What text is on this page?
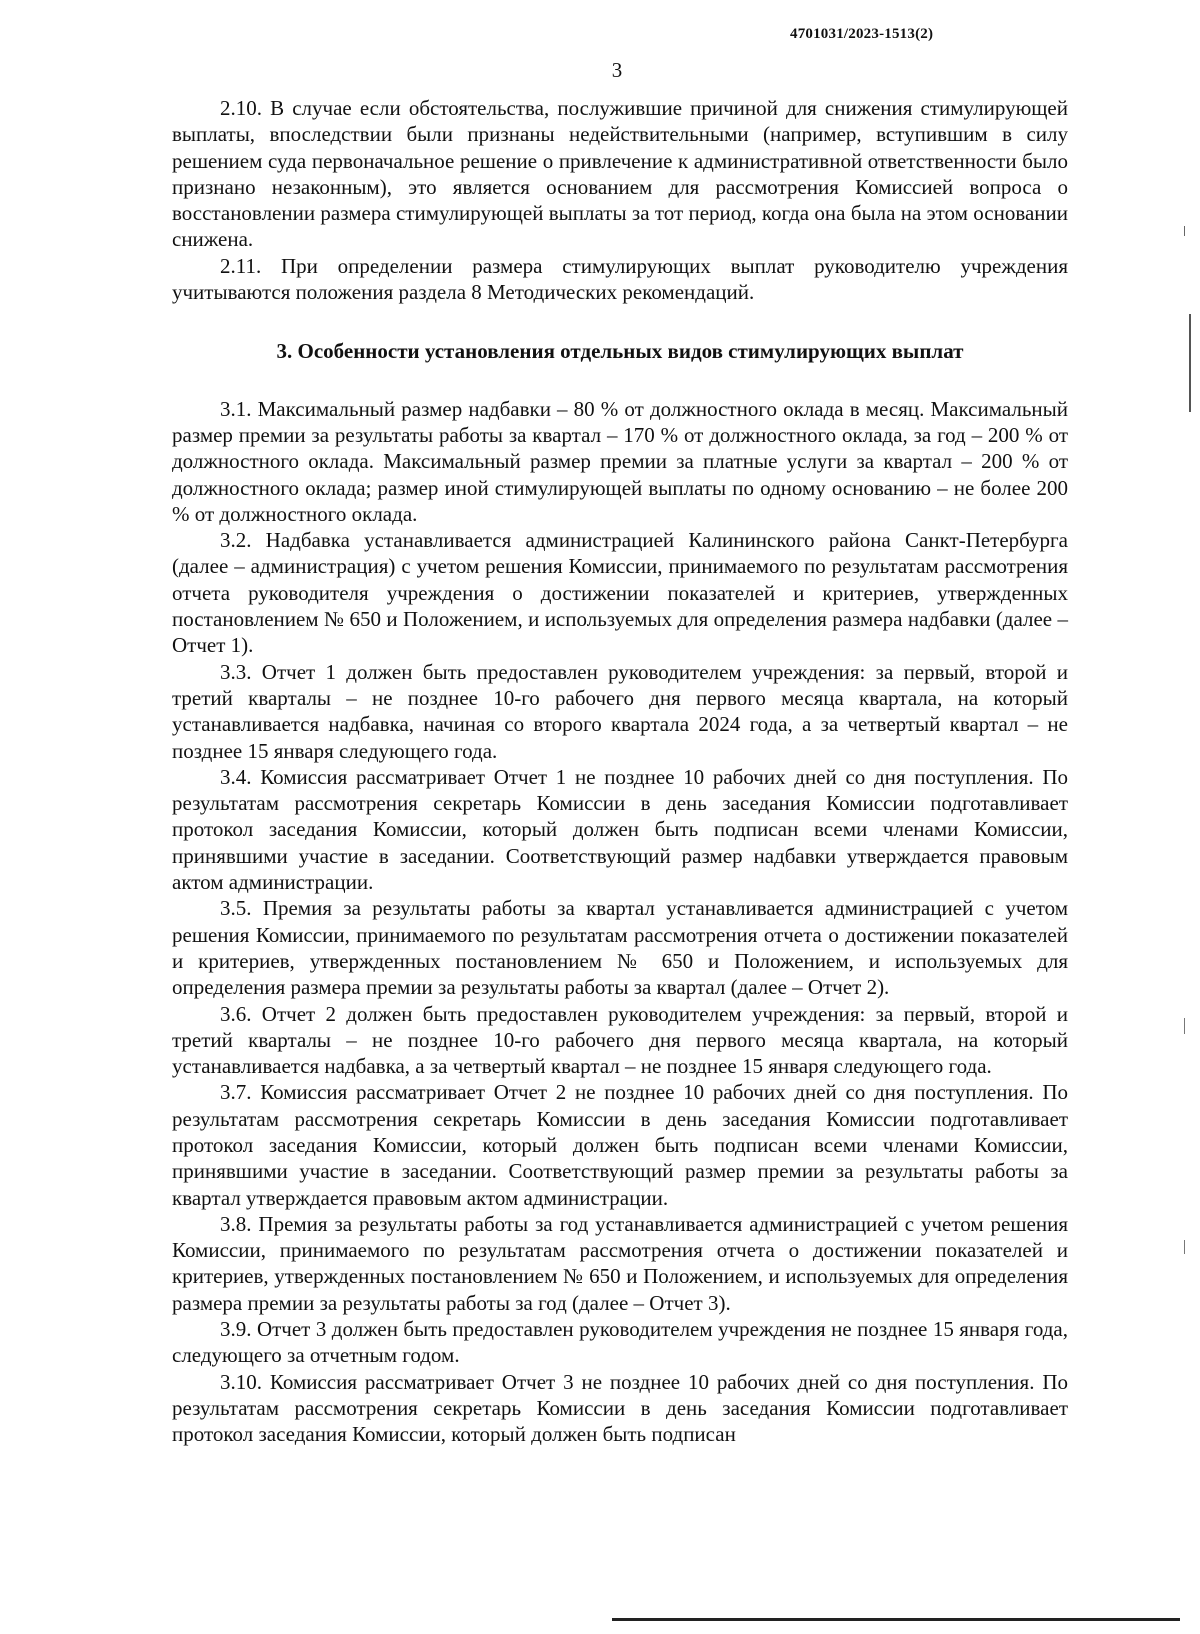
4701031/2023-1513(2)
3

2.10. В случае если обстоятельства, послужившие причиной для снижения стимулирующей выплаты, впоследствии были признаны недействительными (например, вступившим в силу решением суда первоначальное решение о привлечение к административной ответственности было признано незаконным), это является основанием для рассмотрения Комиссией вопроса о восстановлении размера стимулирующей выплаты за тот период, когда она была на этом основании снижена.

2.11. При определении размера стимулирующих выплат руководителю учреждения учитываются положения раздела 8 Методических рекомендаций.

3. Особенности установления отдельных видов стимулирующих выплат

3.1. Максимальный размер надбавки – 80 % от должностного оклада в месяц. Максимальный размер премии за результаты работы за квартал – 170 % от должностного оклада, за год – 200 % от должностного оклада. Максимальный размер премии за платные услуги за квартал – 200 % от должностного оклада; размер иной стимулирующей выплаты по одному основанию – не более 200 % от должностного оклада.

3.2. Надбавка устанавливается администрацией Калининского района Санкт-Петербурга (далее – администрация) с учетом решения Комиссии, принимаемого по результатам рассмотрения отчета руководителя учреждения о достижении показателей и критериев, утвержденных постановлением № 650 и Положением, и используемых для определения размера надбавки (далее – Отчет 1).

3.3. Отчет 1 должен быть предоставлен руководителем учреждения: за первый, второй и третий кварталы – не позднее 10-го рабочего дня первого месяца квартала, на который устанавливается надбавка, начиная со второго квартала 2024 года, а за четвертый квартал – не позднее 15 января следующего года.

3.4. Комиссия рассматривает Отчет 1 не позднее 10 рабочих дней со дня поступления. По результатам рассмотрения секретарь Комиссии в день заседания Комиссии подготавливает протокол заседания Комиссии, который должен быть подписан всеми членами Комиссии, принявшими участие в заседании. Соответствующий размер надбавки утверждается правовым актом администрации.

3.5. Премия за результаты работы за квартал устанавливается администрацией с учетом решения Комиссии, принимаемого по результатам рассмотрения отчета о достижении показателей и критериев, утвержденных постановлением № 650 и Положением, и используемых для определения размера премии за результаты работы за квартал (далее – Отчет 2).

3.6. Отчет 2 должен быть предоставлен руководителем учреждения: за первый, второй и третий кварталы – не позднее 10-го рабочего дня первого месяца квартала, на который устанавливается надбавка, а за четвертый квартал – не позднее 15 января следующего года.

3.7. Комиссия рассматривает Отчет 2 не позднее 10 рабочих дней со дня поступления. По результатам рассмотрения секретарь Комиссии в день заседания Комиссии подготавливает протокол заседания Комиссии, который должен быть подписан всеми членами Комиссии, принявшими участие в заседании. Соответствующий размер премии за результаты работы за квартал утверждается правовым актом администрации.

3.8. Премия за результаты работы за год устанавливается администрацией с учетом решения Комиссии, принимаемого по результатам рассмотрения отчета о достижении показателей и критериев, утвержденных постановлением № 650 и Положением, и используемых для определения размера премии за результаты работы за год (далее – Отчет 3).

3.9. Отчет 3 должен быть предоставлен руководителем учреждения не позднее 15 января года, следующего за отчетным годом.

3.10. Комиссия рассматривает Отчет 3 не позднее 10 рабочих дней со дня поступления. По результатам рассмотрения секретарь Комиссии в день заседания Комиссии подготавливает протокол заседания Комиссии, который должен быть подписан
